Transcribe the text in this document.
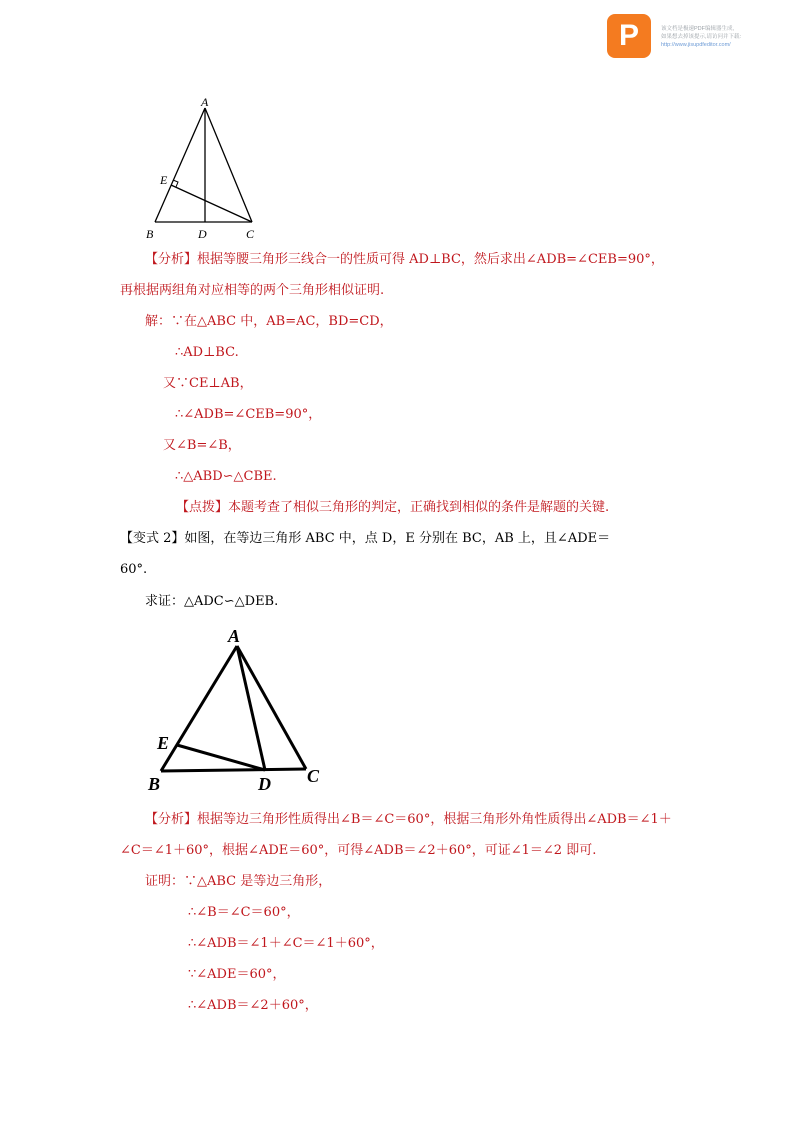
P	该文档是极速PDF编辑器生成,
如果想去掉该提示,请访问并下载:
http://www.jisupdfeditor.com/
A
E
B	D	C
【分析】根据等腰三角形三线合一的性质可得 AD⊥BC，然后求出∠ADB=∠CEB=90°，
再根据两组角对应相等的两个三角形相似证明.
解：∵在△ABC 中，AB=AC，BD=CD，
∴AD⊥BC.
又∵CE⊥AB，
∴∠ADB=∠CEB=90°，
又∠B=∠B，
∴△ABD∽△CBE.
【点拨】本题考查了相似三角形的判定，正确找到相似的条件是解题的关键.
【变式 2】如图，在等边三角形 ABC 中，点 D，E 分别在 BC，AB 上，且∠ADE＝
60°.
求证：△ADC∽△DEB.
A
E
B	D C
【分析】根据等边三角形性质得出∠B＝∠C＝60°，根据三角形外角性质得出∠ADB＝∠1＋
∠C＝∠1＋60°，根据∠ADE＝60°，可得∠ADB＝∠2＋60°，可证∠1＝∠2 即可.
证明：∵△ABC 是等边三角形，
∴∠B＝∠C＝60°，
∴∠ADB＝∠1＋∠C＝∠1＋60°，
∵∠ADE＝60°，
∴∠ADB＝∠2＋60°，
